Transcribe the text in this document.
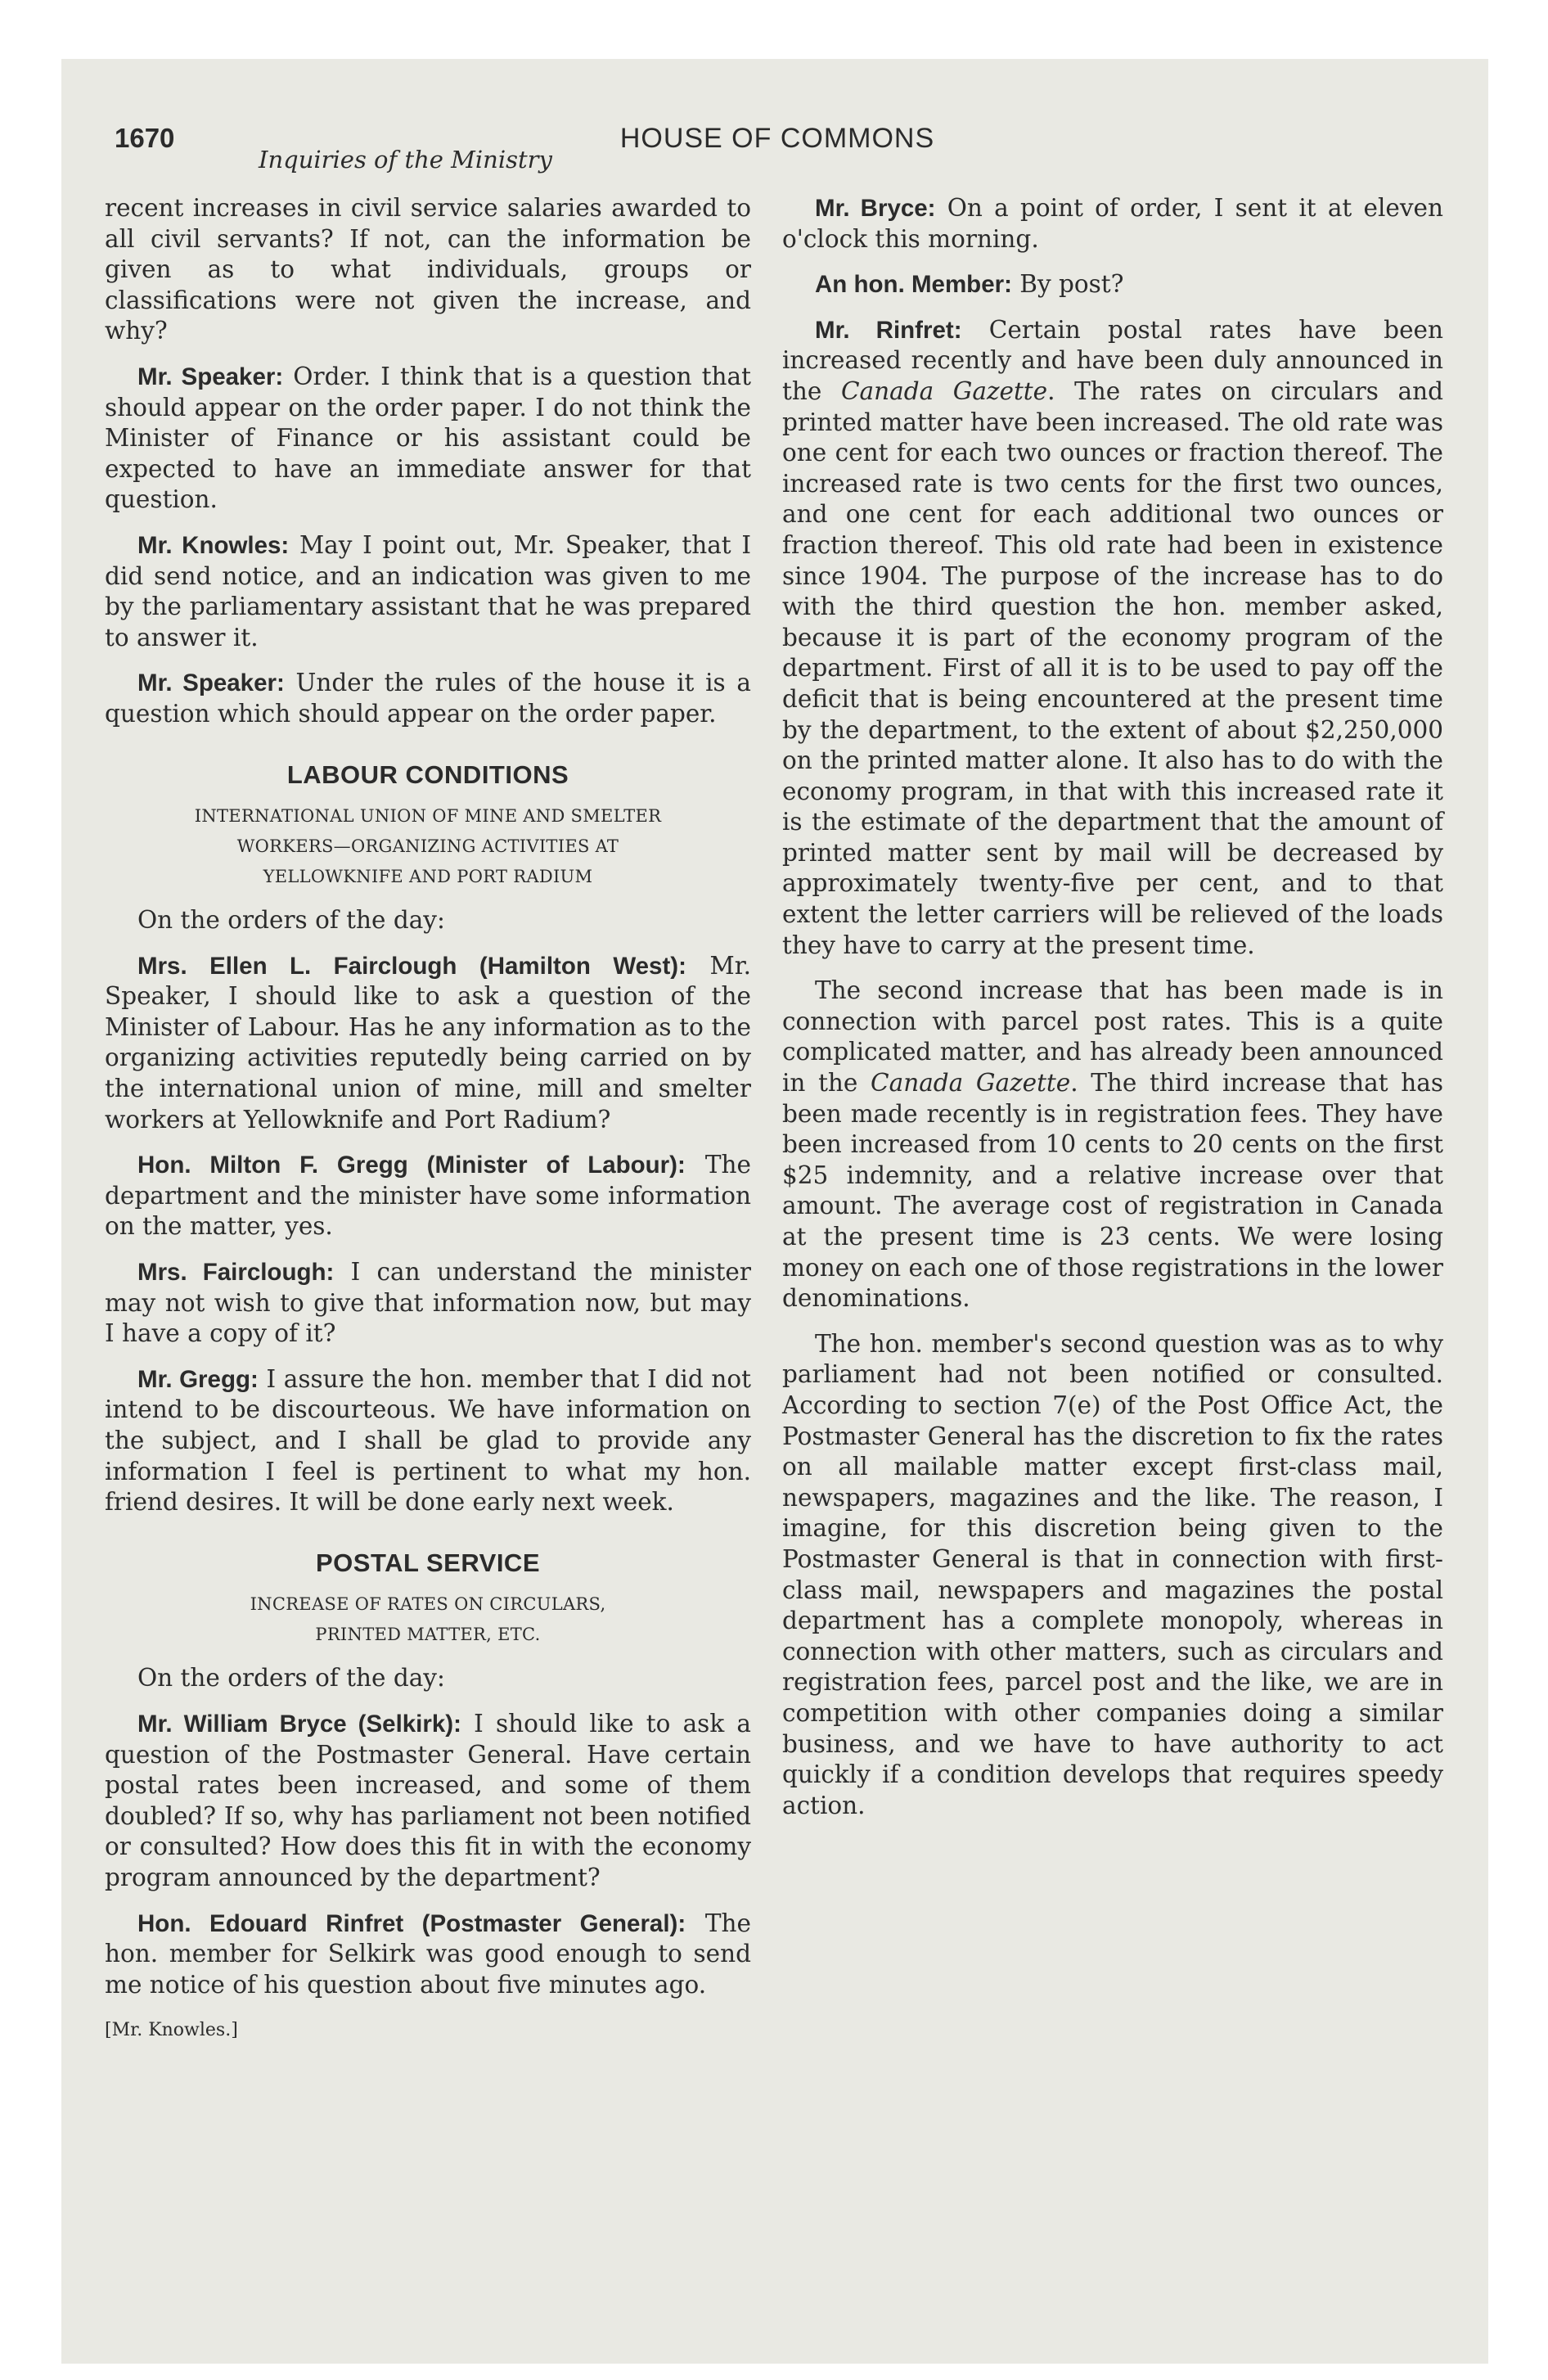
1670	HOUSE OF COMMONS
Inquiries of the Ministry

recent increases in civil service salaries awarded to all civil servants? If not, can the information be given as to what individuals, groups or classifications were not given the increase, and why?

Mr. Speaker: Order. I think that is a question that should appear on the order paper. I do not think the Minister of Finance or his assistant could be expected to have an immediate answer for that question.

Mr. Knowles: May I point out, Mr. Speaker, that I did send notice, and an indication was given to me by the parliamentary assistant that he was prepared to answer it.

Mr. Speaker: Under the rules of the house it is a question which should appear on the order paper.

LABOUR CONDITIONS
INTERNATIONAL UNION OF MINE AND SMELTER
WORKERS—ORGANIZING ACTIVITIES AT
YELLOWKNIFE AND PORT RADIUM

On the orders of the day:

Mrs. Ellen L. Fairclough (Hamilton West): Mr. Speaker, I should like to ask a question of the Minister of Labour. Has he any information as to the organizing activities reputedly being carried on by the international union of mine, mill and smelter workers at Yellowknife and Port Radium?

Hon. Milton F. Gregg (Minister of Labour): The department and the minister have some information on the matter, yes.

Mrs. Fairclough: I can understand the minister may not wish to give that information now, but may I have a copy of it?

Mr. Gregg: I assure the hon. member that I did not intend to be discourteous. We have information on the subject, and I shall be glad to provide any information I feel is pertinent to what my hon. friend desires. It will be done early next week.

POSTAL SERVICE
INCREASE OF RATES ON CIRCULARS,
PRINTED MATTER, ETC.

On the orders of the day:

Mr. William Bryce (Selkirk): I should like to ask a question of the Postmaster General. Have certain postal rates been increased, and some of them doubled? If so, why has parliament not been notified or consulted? How does this fit in with the economy program announced by the department?

Hon. Edouard Rinfret (Postmaster General): The hon. member for Selkirk was good enough to send me notice of his question about five minutes ago.

[Mr. Knowles.]

Mr. Bryce: On a point of order, I sent it at eleven o'clock this morning.

An hon. Member: By post?

Mr. Rinfret: Certain postal rates have been increased recently and have been duly announced in the Canada Gazette. The rates on circulars and printed matter have been increased. The old rate was one cent for each two ounces or fraction thereof. The increased rate is two cents for the first two ounces, and one cent for each additional two ounces or fraction thereof. This old rate had been in existence since 1904. The purpose of the increase has to do with the third question the hon. member asked, because it is part of the economy program of the department. First of all it is to be used to pay off the deficit that is being encountered at the present time by the department, to the extent of about $2,250,000 on the printed matter alone. It also has to do with the economy program, in that with this increased rate it is the estimate of the department that the amount of printed matter sent by mail will be decreased by approximately twenty-five per cent, and to that extent the letter carriers will be relieved of the loads they have to carry at the present time.

The second increase that has been made is in connection with parcel post rates. This is a quite complicated matter, and has already been announced in the Canada Gazette. The third increase that has been made recently is in registration fees. They have been increased from 10 cents to 20 cents on the first $25 indemnity, and a relative increase over that amount. The average cost of registration in Canada at the present time is 23 cents. We were losing money on each one of those registrations in the lower denominations.

The hon. member's second question was as to why parliament had not been notified or consulted. According to section 7(e) of the Post Office Act, the Postmaster General has the discretion to fix the rates on all mailable matter except first-class mail, newspapers, magazines and the like. The reason, I imagine, for this discretion being given to the Postmaster General is that in connection with first-class mail, newspapers and magazines the postal department has a complete monopoly, whereas in connection with other matters, such as circulars and registration fees, parcel post and the like, we are in competition with other companies doing a similar business, and we have to have authority to act quickly if a condition develops that requires speedy action.
